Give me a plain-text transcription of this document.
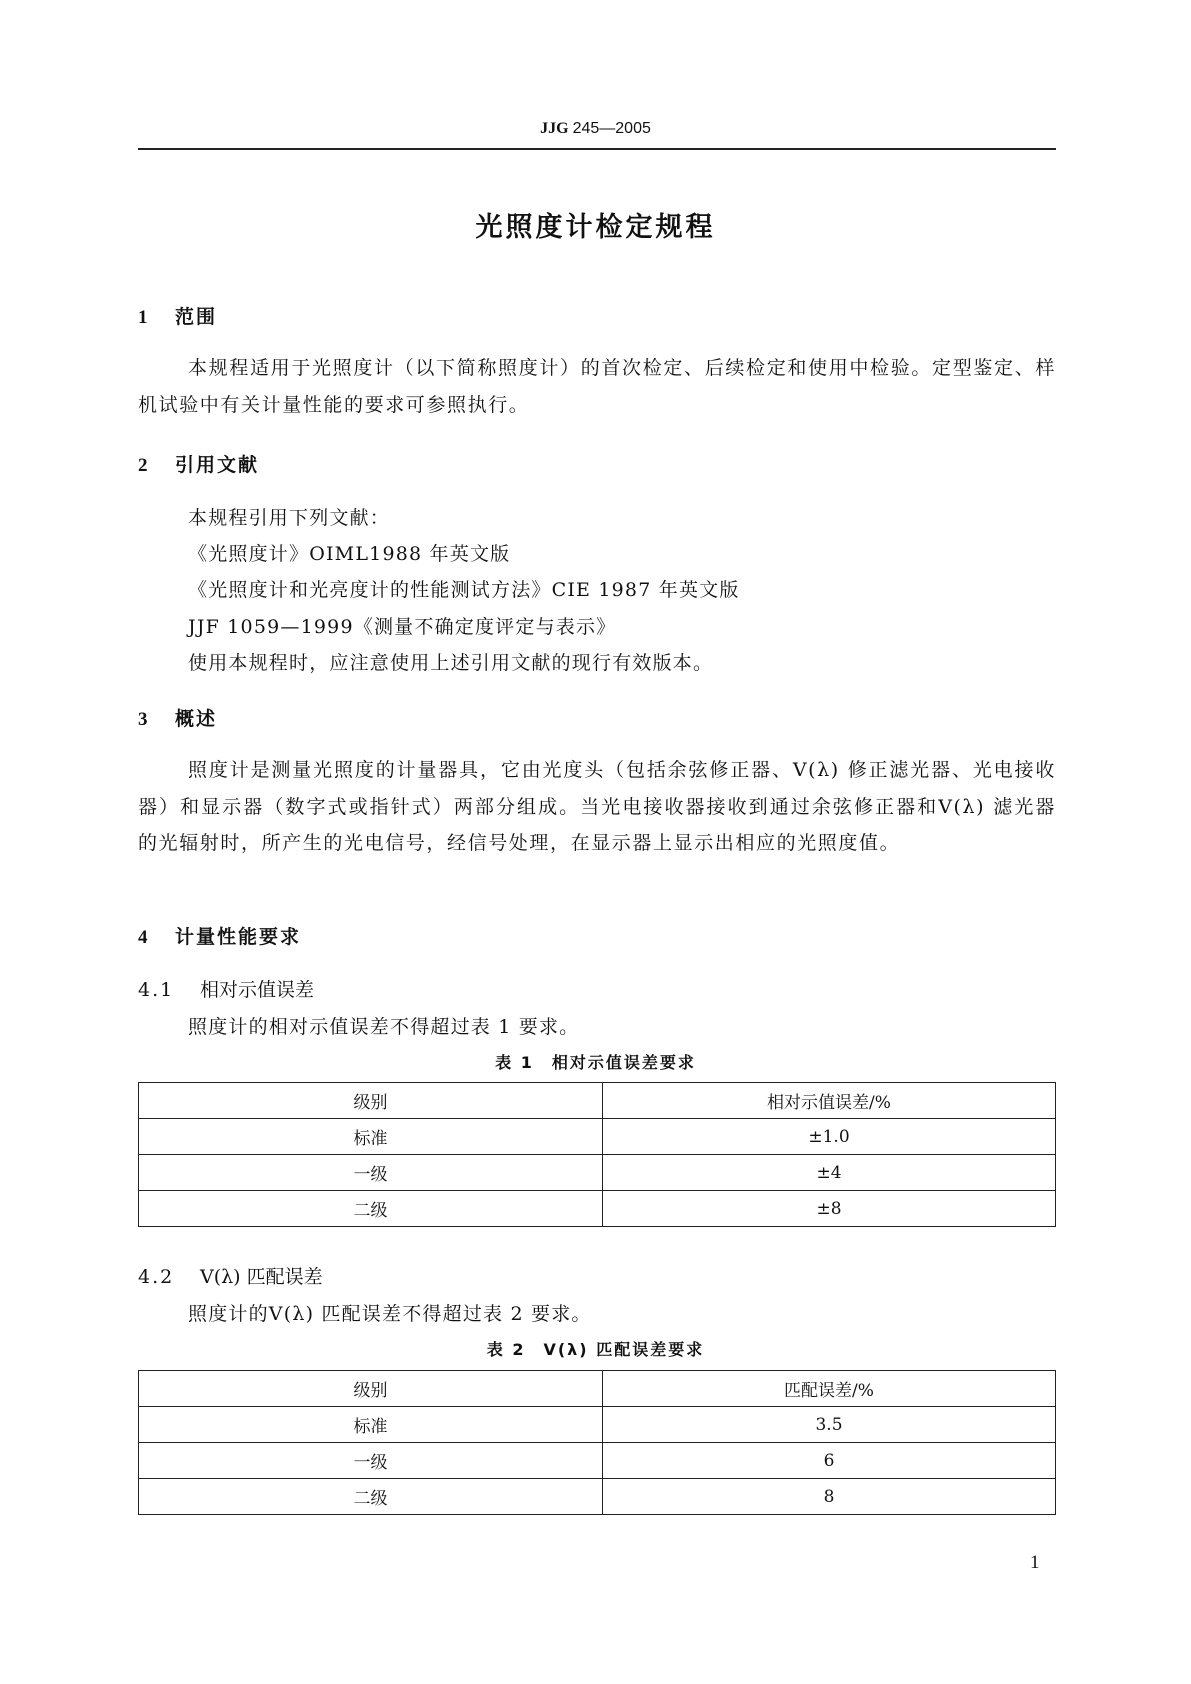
JJG 245—2005
光照度计检定规程
1 范围

本规程适用于光照度计（以下简称照度计）的首次检定、后续检定和使用中检验。定型鉴定、样机试验中有关计量性能的要求可参照执行。

2 引用文献
本规程引用下列文献：
《光照度计》OIML1988 年英文版
《光照度计和光亮度计的性能测试方法》CIE 1987 年英文版
JJF 1059—1999《测量不确定度评定与表示》
使用本规程时，应注意使用上述引用文献的现行有效版本。
3 概述

照度计是测量光照度的计量器具，它由光度头（包括余弦修正器、V(λ) 修正滤光器、光电接收器）和显示器（数字式或指针式）两部分组成。当光电接收器接收到通过余弦修正器和V(λ) 滤光器的光辐射时，所产生的光电信号，经信号处理，在显示器上显示出相应的光照度值。

4 计量性能要求
4.1 相对示值误差
照度计的相对示值误差不得超过表 1 要求。
表 1　相对示值误差要求
级别	相对示值误差/%
标准	±1.0
一级	±4
二级	±8
4.2 V(λ) 匹配误差
照度计的V(λ) 匹配误差不得超过表 2 要求。
表 2　V(λ) 匹配误差要求
级别	匹配误差/%
标准	3.5
一级	6
二级	8
1
